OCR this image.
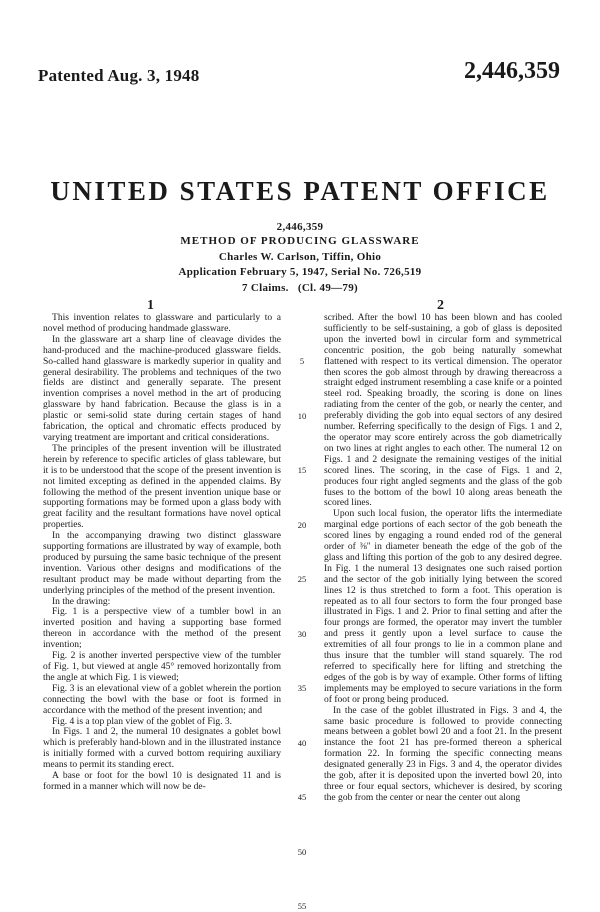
Patented Aug. 3, 1948	2,446,359
UNITED STATES PATENT OFFICE
2,446,359
METHOD OF PRODUCING GLASSWARE
Charles W. Carlson, Tiffin, Ohio
Application February 5, 1947, Serial No. 726,519
7 Claims.   (Cl. 49—79)
1	2

This invention relates to glassware and particularly to a novel method of producing handmade glassware.

In the glassware art a sharp line of cleavage divides the hand-produced and the machine-produced glassware fields. So-called hand glassware is markedly superior in quality and general desirability. The problems and techniques of the two fields are distinct and generally separate. The present invention comprises a novel method in the art of producing glassware by hand fabrication. Because the glass is in a plastic or semi-solid state during certain stages of hand fabrication, the optical and chromatic effects produced by varying treatment are important and critical considerations.

The principles of the present invention will be illustrated herein by reference to specific articles of glass tableware, but it is to be understood that the scope of the present invention is not limited excepting as defined in the appended claims. By following the method of the present invention unique base or supporting formations may be formed upon a glass body with great facility and the resultant formations have novel optical properties.

In the accompanying drawing two distinct glassware supporting formations are illustrated by way of example, both produced by pursuing the same basic technique of the present invention. Various other designs and modifications of the resultant product may be made without departing from the underlying principles of the method of the present invention.

In the drawing:

Fig. 1 is a perspective view of a tumbler bowl in an inverted position and having a supporting base formed thereon in accordance with the method of the present invention;

Fig. 2 is another inverted perspective view of the tumbler of Fig. 1, but viewed at angle 45° removed horizontally from the angle at which Fig. 1 is viewed;

Fig. 3 is an elevational view of a goblet wherein the portion connecting the bowl with the base or foot is formed in accordance with the method of the present invention; and

Fig. 4 is a top plan view of the goblet of Fig. 3.

In Figs. 1 and 2, the numeral 10 designates a goblet bowl which is preferably hand-blown and in the illustrated instance is initially formed with a curved bottom requiring auxiliary means to permit its standing erect.

A base or foot for the bowl 10 is designated 11 and is formed in a manner which will now be de-

5
10
15
20
25
30
35
40
45
50
55

scribed. After the bowl 10 has been blown and has cooled sufficiently to be self-sustaining, a gob of glass is deposited upon the inverted bowl in circular form and symmetrical concentric position, the gob being naturally somewhat flattened with respect to its vertical dimension. The operator then scores the gob almost through by drawing thereacross a straight edged instrument resembling a case knife or a pointed steel rod. Speaking broadly, the scoring is done on lines radiating from the center of the gob, or nearly the center, and preferably dividing the gob into equal sectors of any desired number. Referring specifically to the design of Figs. 1 and 2, the operator may score entirely across the gob diametrically on two lines at right angles to each other. The numeral 12 on Figs. 1 and 2 designate the remaining vestiges of the initial scored lines. The scoring, in the case of Figs. 1 and 2, produces four right angled segments and the glass of the gob fuses to the bottom of the bowl 10 along areas beneath the scored lines.

Upon such local fusion, the operator lifts the intermediate marginal edge portions of each sector of the gob beneath the scored lines by engaging a round ended rod of the general order of ⅜" in diameter beneath the edge of the gob of the glass and lifting this portion of the gob to any desired degree. In Fig. 1 the numeral 13 designates one such raised portion and the sector of the gob initially lying between the scored lines 12 is thus stretched to form a foot. This operation is repeated as to all four sectors to form the four pronged base illustrated in Figs. 1 and 2. Prior to final setting and after the four prongs are formed, the operator may invert the tumbler and press it gently upon a level surface to cause the extremities of all four prongs to lie in a common plane and thus insure that the tumbler will stand squarely. The rod referred to specifically here for lifting and stretching the edges of the gob is by way of example. Other forms of lifting implements may be employed to secure variations in the form of foot or prong being produced.

In the case of the goblet illustrated in Figs. 3 and 4, the same basic procedure is followed to provide connecting means between a goblet bowl 20 and a foot 21. In the present instance the foot 21 has pre-formed thereon a spherical formation 22. In forming the specific connecting means designated generally 23 in Figs. 3 and 4, the operator divides the gob, after it is deposited upon the inverted bowl 20, into three or four equal sectors, whichever is desired, by scoring the gob from the center or near the center out along
